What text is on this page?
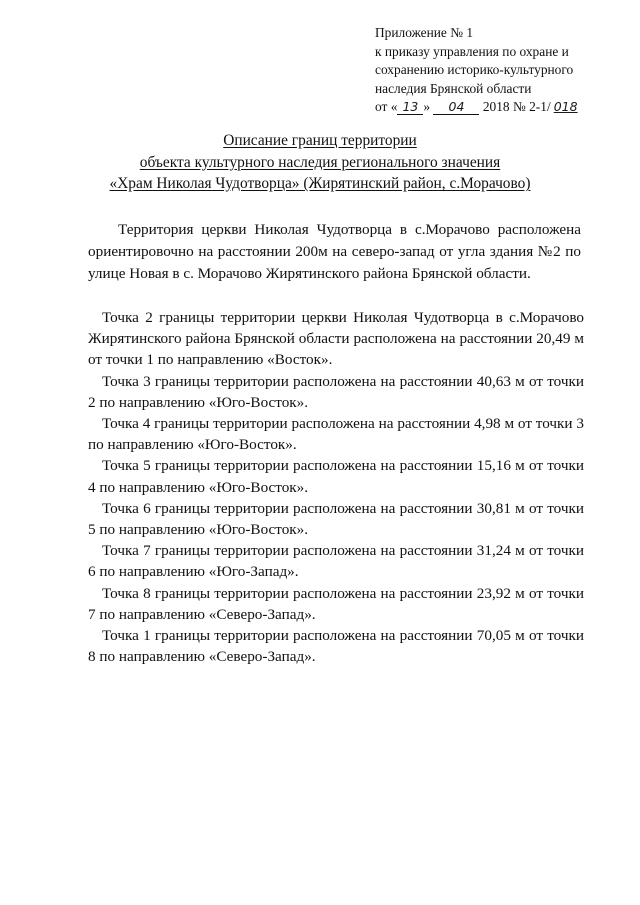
Приложение № 1
к приказу управления по охране и
сохранению историко-культурного
наследия Брянской области
от « 13 » 04 2018 № 2-1/ 018
Описание границ территории
объекта культурного наследия регионального значения
«Храм Николая Чудотворца» (Жирятинский район, с.Морачово)

Территория церкви Николая Чудотворца в с.Морачово расположена ориентировочно на расстоянии 200м на северо-запад от угла здания №2 по улице Новая в с. Морачово Жирятинского района Брянской области.

Точка 2 границы территории церкви Николая Чудотворца в с.Морачово Жирятинского района Брянской области расположена на расстоянии 20,49 м от точки 1 по направлению «Восток».

Точка 3 границы территории расположена на расстоянии 40,63 м от точки 2 по направлению «Юго-Восток».

Точка 4 границы территории расположена на расстоянии 4,98 м от точки 3 по направлению «Юго-Восток».

Точка 5 границы территории расположена на расстоянии 15,16 м от точки 4 по направлению «Юго-Восток».

Точка 6 границы территории расположена на расстоянии 30,81 м от точки 5 по направлению «Юго-Восток».

Точка 7 границы территории расположена на расстоянии 31,24 м от точки 6 по направлению «Юго-Запад».

Точка 8 границы территории расположена на расстоянии 23,92 м от точки 7 по направлению «Северо-Запад».

Точка 1 границы территории расположена на расстоянии 70,05 м от точки 8 по направлению «Северо-Запад».
